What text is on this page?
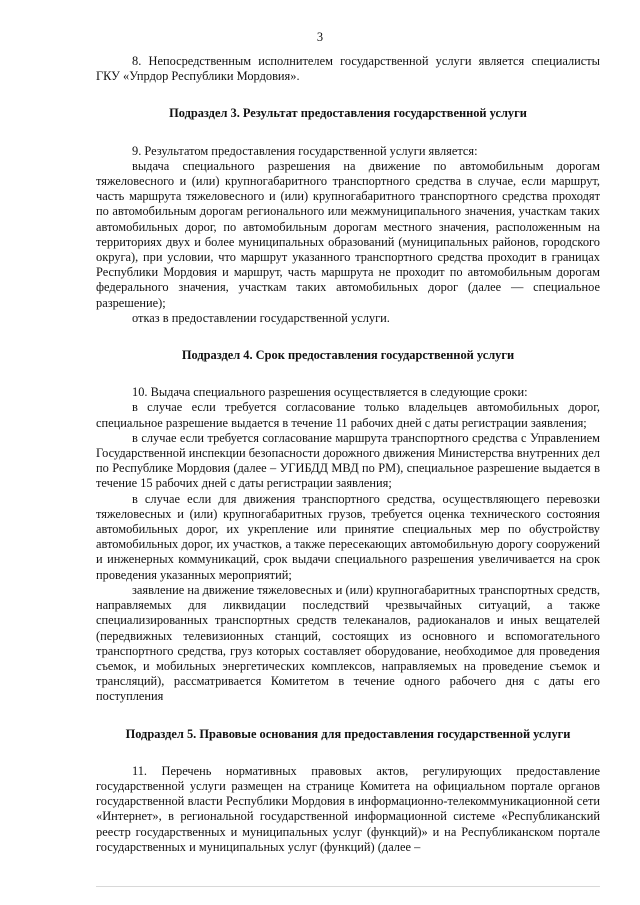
3

8. Непосредственным исполнителем государственной услуги является специалисты ГКУ «Упрдор Республики Мордовия».

Подраздел 3. Результат предоставления государственной услуги

9. Результатом предоставления государственной услуги является:

выдача специального разрешения на движение по автомобильным дорогам тяжеловесного и (или) крупногабаритного транспортного средства в случае, если маршрут, часть маршрута тяжеловесного и (или) крупногабаритного транспортного средства проходят по автомобильным дорогам регионального или межмуниципального значения, участкам таких автомобильных дорог, по автомобильным дорогам местного значения, расположенным на территориях двух и более муниципальных образований (муниципальных районов, городского округа), при условии, что маршрут указанного транспортного средства проходит в границах Республики Мордовия и маршрут, часть маршрута не проходит по автомобильным дорогам федерального значения, участкам таких автомобильных дорог (далее — специальное разрешение);

отказ в предоставлении государственной услуги.

Подраздел 4. Срок предоставления государственной услуги

10. Выдача специального разрешения осуществляется в следующие сроки:

в случае если требуется согласование только владельцев автомобильных дорог, специальное разрешение выдается в течение 11 рабочих дней с даты регистрации заявления;

в случае если требуется согласование маршрута транспортного средства с Управлением Государственной инспекции безопасности дорожного движения Министерства внутренних дел по Республике Мордовия (далее – УГИБДД МВД по РМ), специальное разрешение выдается в течение 15 рабочих дней с даты регистрации заявления;

в случае если для движения транспортного средства, осуществляющего перевозки тяжеловесных и (или) крупногабаритных грузов, требуется оценка технического состояния автомобильных дорог, их укрепление или принятие специальных мер по обустройству автомобильных дорог, их участков, а также пересекающих автомобильную дорогу сооружений и инженерных коммуникаций, срок выдачи специального разрешения увеличивается на срок проведения указанных мероприятий;

заявление на движение тяжеловесных и (или) крупногабаритных транспортных средств, направляемых для ликвидации последствий чрезвычайных ситуаций, а также специализированных транспортных средств телеканалов, радиоканалов и иных вещателей (передвижных телевизионных станций, состоящих из основного и вспомогательного транспортного средства, груз которых составляет оборудование, необходимое для проведения съемок, и мобильных энергетических комплексов, направляемых на проведение съемок и трансляций), рассматривается Комитетом в течение одного рабочего дня с даты его поступления

Подраздел 5. Правовые основания для предоставления государственной услуги

11. Перечень нормативных правовых актов, регулирующих предоставление государственной услуги размещен на странице Комитета на официальном портале органов государственной власти Республики Мордовия в информационно-телекоммуникационной сети «Интернет», в региональной государственной информационной системе «Республиканский реестр государственных и муниципальных услуг (функций)» и на Республиканском портале государственных и муниципальных услуг (функций) (далее –
